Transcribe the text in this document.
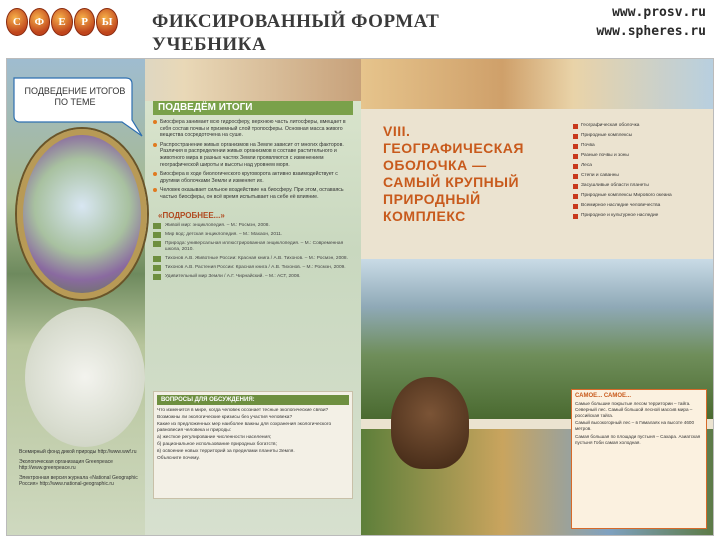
С	Ф	Е	Р	Ы ФИКСИРОВАННЫЙ ФОРМАТ УЧЕБНИКА
www.prosv.ru
www.spheres.ru

Всемирный фонд дикой природы http://www.wwf.ru

Экологическая организация Greenpeace http://www.greenpeace.ru

Электронная версия журнала «National Geographic Россия» http://www.national-geographic.ru

ПОДВЕДЁМ ИТОГИ
Биосфера занимает всю гидросферу, верхнюю часть литосферы, вмещает в себя состав почвы и приземный слой тропосферы. Основная масса живого вещества сосредоточена на суше.
Распространение живых организмов на Земле зависит от многих факторов. Различия в распределении живых организмов в составе растительного и животного мира в разных частях Земли проявляются с изменением географической широты и высоты над уровнем моря.
Биосфера в ходе биологического круговорота активно взаимодействует с другими оболочками Земли и изменяет их.
Человек оказывает сильное воздействие на биосферу. При этом, оставаясь частью биосферы, он всё время испытывает на себе её влияние.
«ПОДРОБНЕЕ...»
Живой мир: энциклопедия. – М.: Росмэн, 2008.
Мир вод: детская энциклопедия. – М.: Махаон, 2011.
Природа: универсальная иллюстрированная энциклопедия. – М.: Современная школа, 2010.
Тихонов А.В. Животные России: Красная книга / А.В. Тихонов. – М.: Росмэн, 2008.
Тихонов А.В. Растения России: Красная книга / А.В. Тихонов. – М.: Росмэн, 2009.
Удивительный мир Земли / А.Г. Чирнайский. – М.: АСТ, 2008.
ВОПРОСЫ ДЛЯ ОБСУЖДЕНИЯ:
Что изменится в мире, когда человек осознает тесные экологические связи?
Возможны ли экологические кризисы без участия человека?
Какие из предложенных мер наиболее важны для сохранения экологического равновесия человека и природы:
а) жесткое регулирование численности населения;
б) рациональное использование природных богатств;
в) освоение новых территорий за пределами планеты Земля.
Объясните почему.
VIII.
ГЕОГРАФИЧЕСКАЯ
ОБОЛОЧКА —
САМЫЙ КРУПНЫЙ
ПРИРОДНЫЙ
КОМПЛЕКС
Географическая оболочка
Природные комплексы
Почва
Разные почвы и зоны
Леса
Степи и саванны
Засушливые области планеты
Природные комплексы Мирового океана
Всемирное наследие человечества
Природное и культурное наследие
САМОЕ... САМОЕ...
Самые большие покрытые лесом территории – тайга. Северный лес. Самый большой лесной массив мира – российская тайга.
Самый высокогорный лес – в Гималаях на высоте 4600 метров.
Самая большая по площади пустыня – Сахара. Азиатская пустыня Гоби самая холодная.
ПОДВЕДЕНИЕ ИТОГОВ ПО ТЕМЕ
